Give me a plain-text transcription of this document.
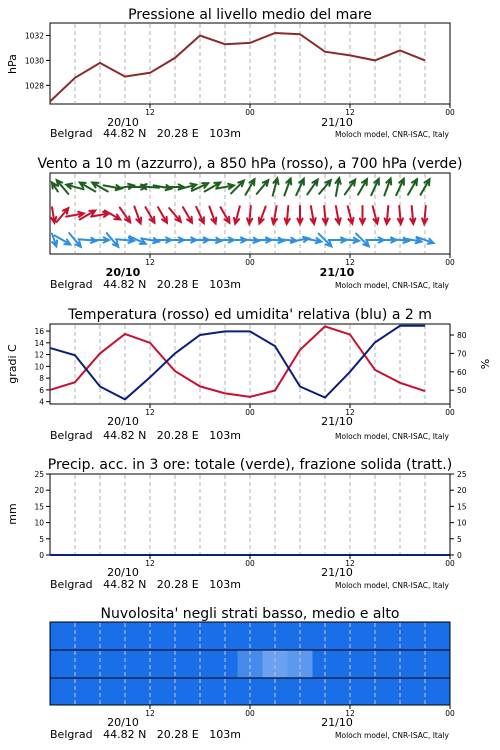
Pressione al livello medio del mare
1028
1030
1032
hPa
12	00	12	00
20/10	21/10
Belgrad   44.82 N   20.28 E   103m	Moloch model, CNR-ISAC, Italy
Vento a 10 m (azzurro), a 850 hPa (rosso), a 700 hPa (verde)
12	00	12	00
20/10	21/10
Belgrad   44.82 N   20.28 E   103m	Moloch model, CNR-ISAC, Italy
Temperatura (rosso) ed umidita' relativa (blu) a 2 m
4
6
8
10
12
14
16
50
60
70
80
gradi C	%
12	00	12	00
20/10	21/10
Belgrad   44.82 N   20.28 E   103m	Moloch model, CNR-ISAC, Italy
Precip. acc. in 3 ore: totale (verde), frazione solida (tratt.)
0
5
10
15
20
25
0
5
10
15
20
25
mm
12	00	12	00
20/10	21/10
Belgrad   44.82 N   20.28 E   103m	Moloch model, CNR-ISAC, Italy
Nuvolosita' negli strati basso, medio e alto
12	00	12	00
20/10	21/10
Belgrad   44.82 N   20.28 E   103m	Moloch model, CNR-ISAC, Italy
